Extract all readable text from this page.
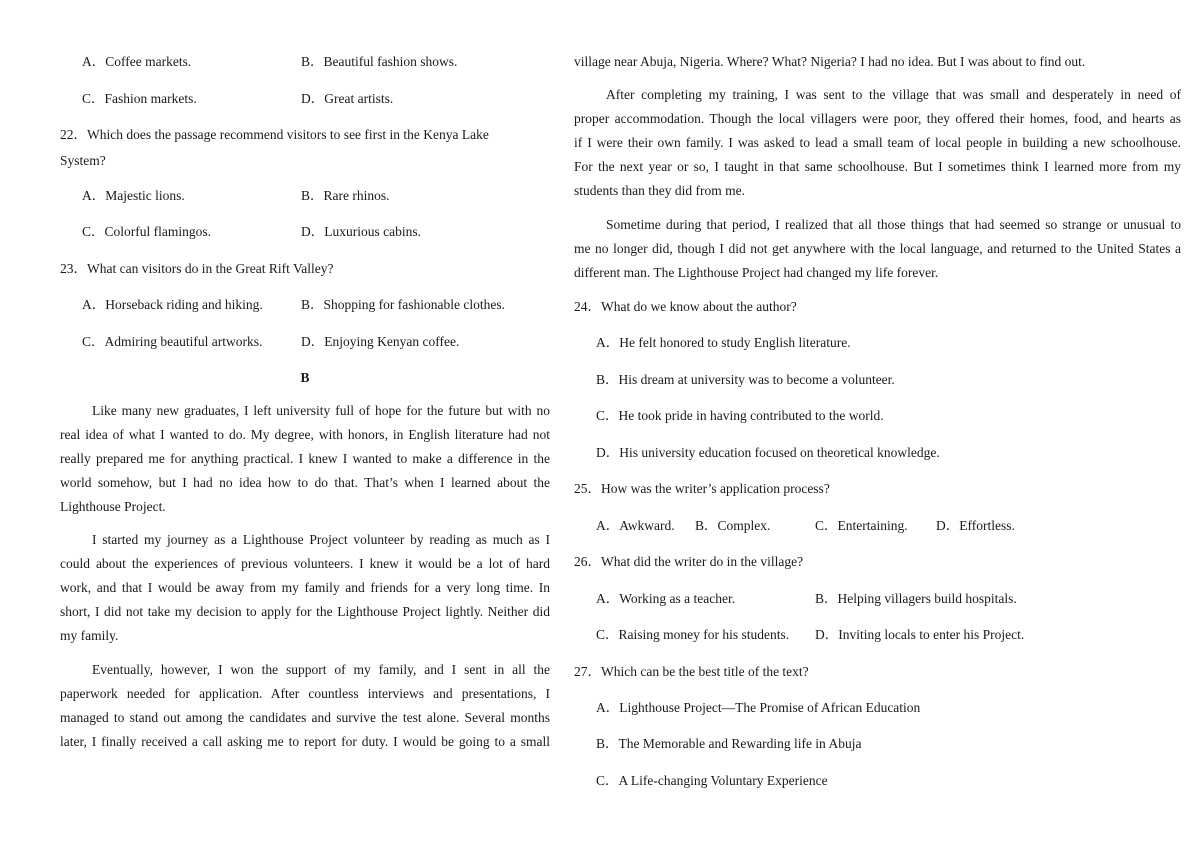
A．Coffee markets.	B．Beautiful fashion shows.
C．Fashion markets.	D．Great artists.
22．Which does the passage recommend visitors to see first in the Kenya Lake
System?
A．Majestic lions.	B．Rare rhinos.
C．Colorful flamingos.	D．Luxurious cabins.
23．What can visitors do in the Great Rift Valley?
A．Horseback riding and hiking.	B．Shopping for fashionable clothes.
C．Admiring beautiful artworks.	D．Enjoying Kenyan coffee.
B
Like many new graduates, I left university full of hope for the future but with no
real idea of what I wanted to do. My degree, with honors, in English literature had not
really prepared me for anything practical. I knew I wanted to make a difference in the
world somehow, but I had no idea how to do that. That’s when I learned about the
Lighthouse Project.
I started my journey as a Lighthouse Project volunteer by reading as much as I
could about the experiences of previous volunteers. I knew it would be a lot of hard
work, and that I would be away from my family and friends for a very long time. In
short, I did not take my decision to apply for the Lighthouse Project lightly. Neither did
my family.
Eventually, however, I won the support of my family, and I sent in all the
paperwork needed for application. After countless interviews and presentations, I
managed to stand out among the candidates and survive the test alone. Several months
later, I finally received a call asking me to report for duty. I would be going to a small
village near Abuja, Nigeria. Where? What? Nigeria? I had no idea. But I was about to find out.
After completing my training, I was sent to the village that was small and desperately in need of
proper accommodation. Though the local villagers were poor, they offered their homes, food, and hearts as
if I were their own family. I was asked to lead a small team of local people in building a new schoolhouse.
For the next year or so, I taught in that same schoolhouse. But I sometimes think I learned more from my
students than they did from me.
Sometime during that period, I realized that all those things that had seemed so strange or unusual to
me no longer did, though I did not get anywhere with the local language, and returned to the United States a
different man. The Lighthouse Project had changed my life forever.
24．What do we know about the author?
A．He felt honored to study English literature.
B．His dream at university was to become a volunteer.
C．He took pride in having contributed to the world.
D．His university education focused on theoretical knowledge.
25．How was the writer’s application process?
A．Awkward. B．Complex.	C．Entertaining. D．Effortless.
26．What did the writer do in the village?
A．Working as a teacher.	B．Helping villagers build hospitals.
C．Raising money for his students. D．Inviting locals to enter his Project.
27．Which can be the best title of the text?
A．Lighthouse Project—The Promise of African Education
B．The Memorable and Rewarding life in Abuja
C．A Life-changing Voluntary Experience
